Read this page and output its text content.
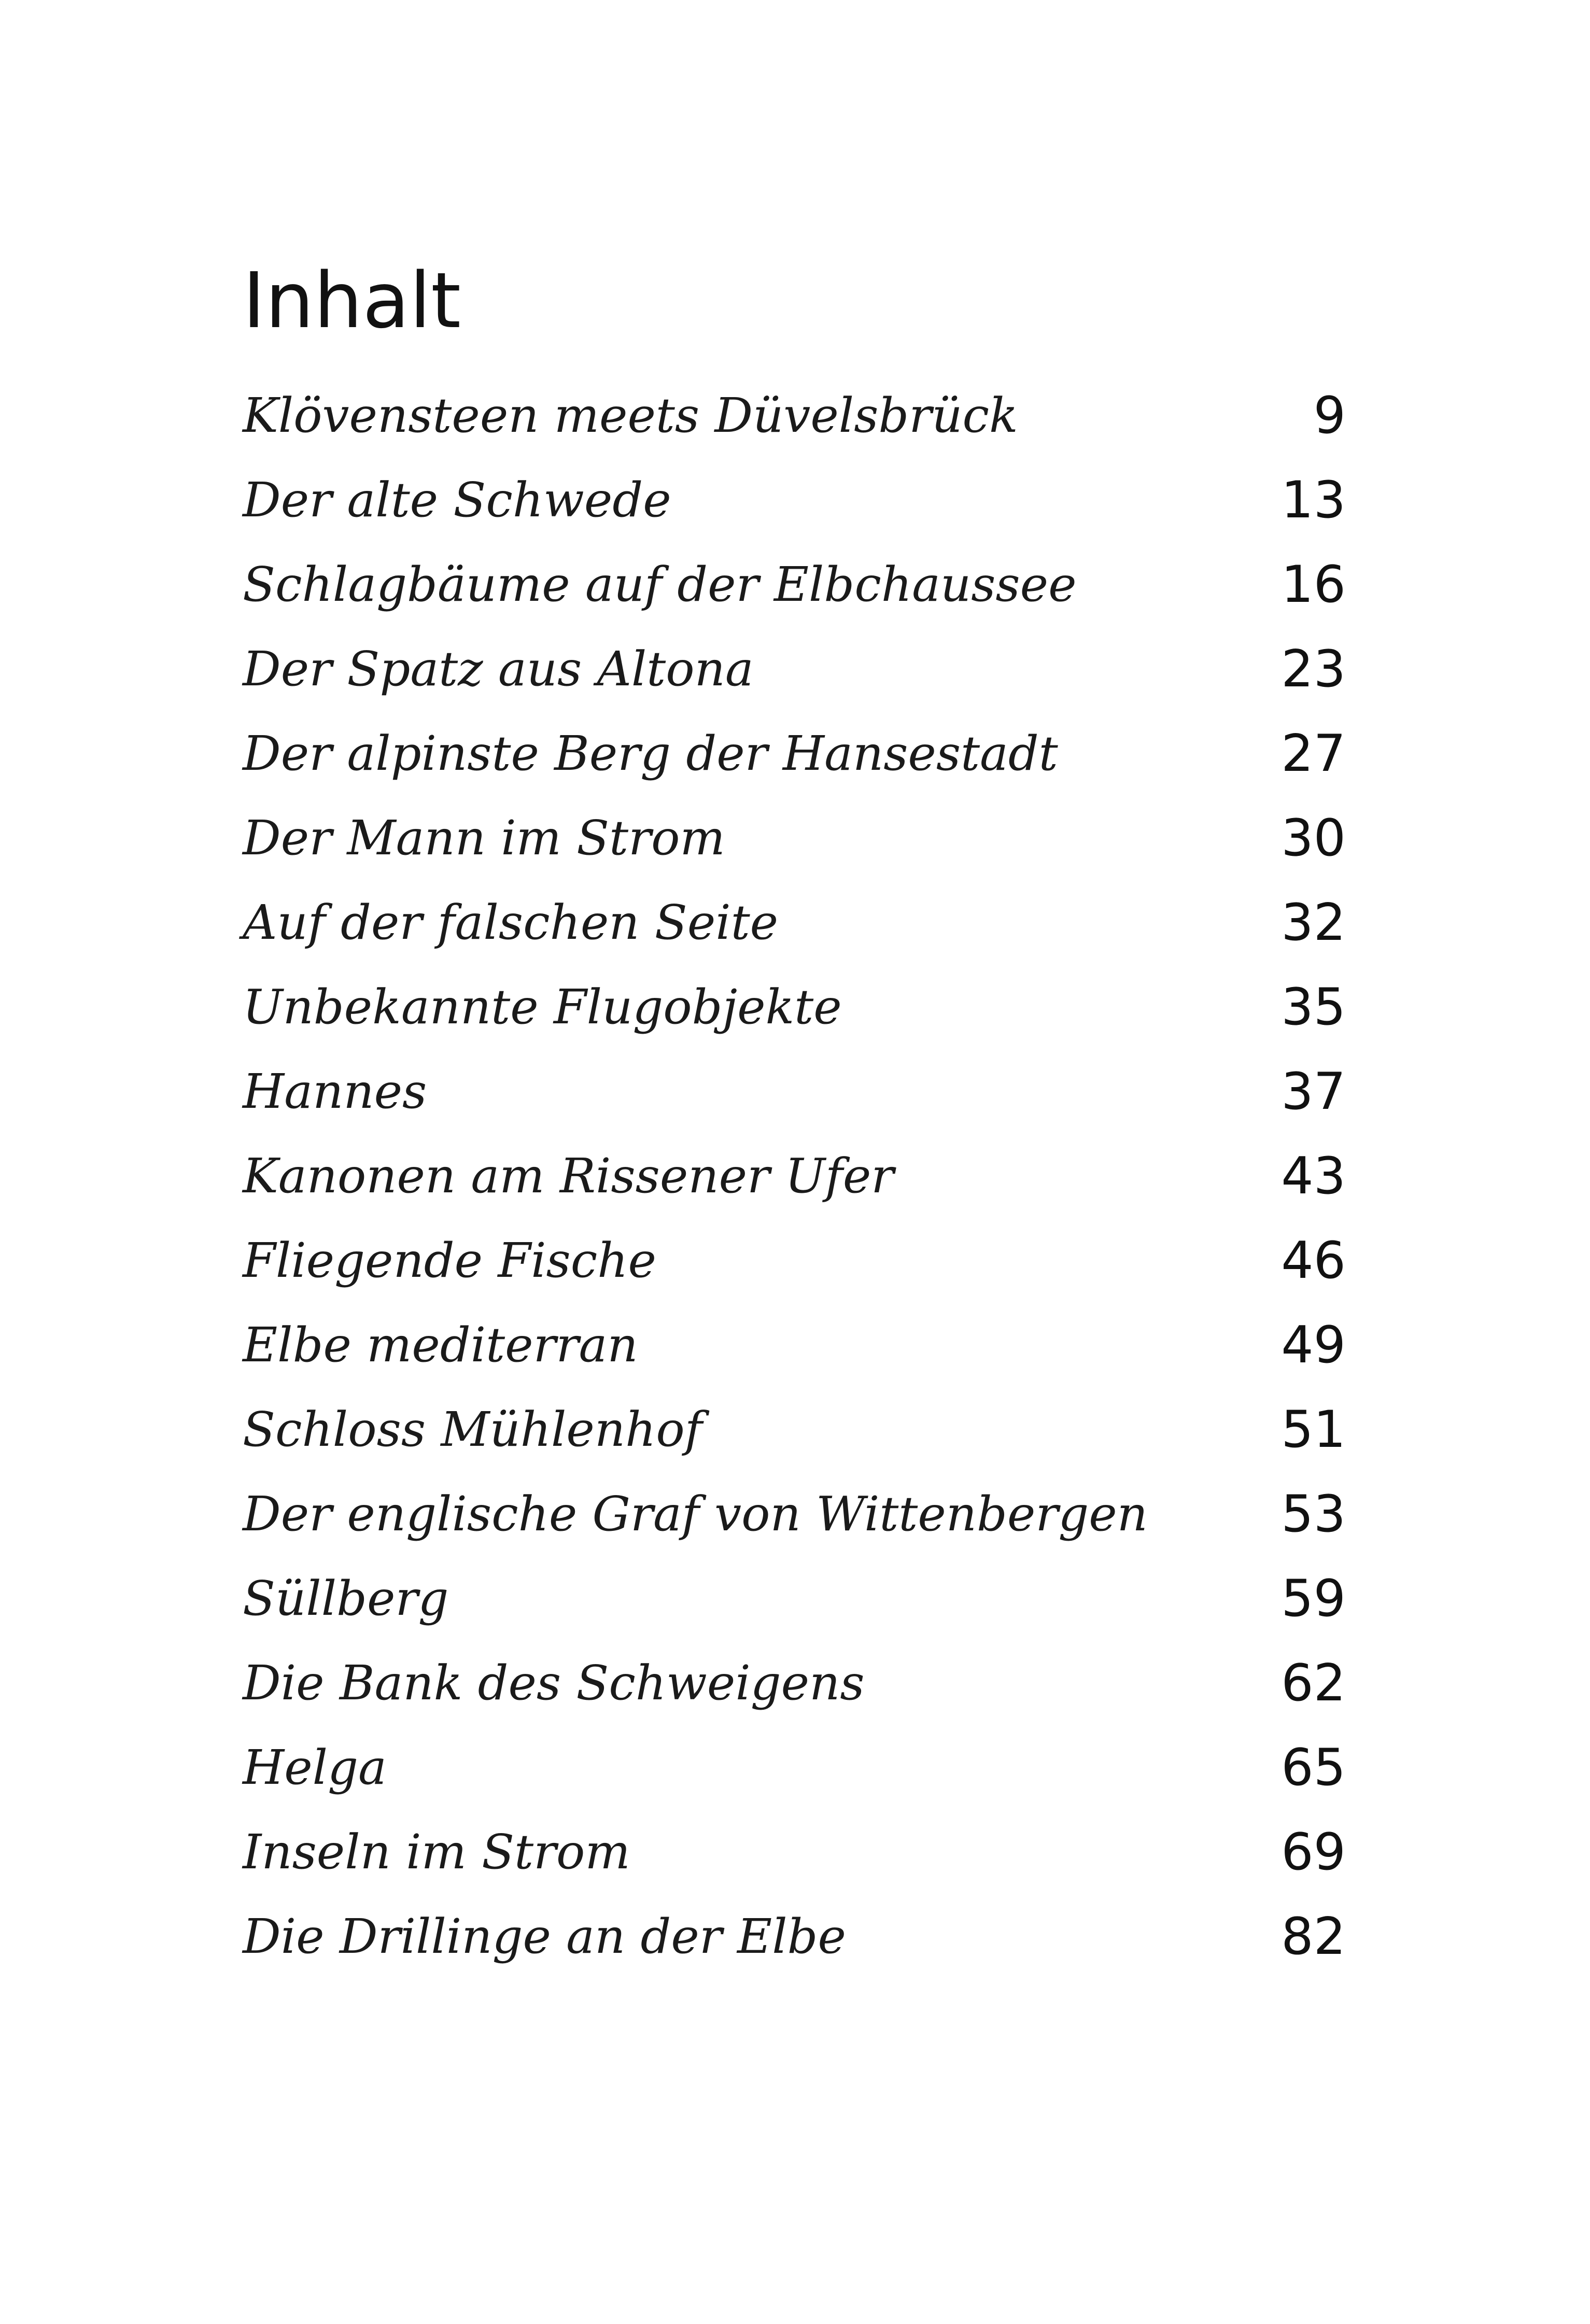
Inhalt
Klövensteen meets Düvelsbrück	9
Der alte Schwede	13
Schlagbäume auf der Elbchaussee	16
Der Spatz aus Altona	23
Der alpinste Berg der Hansestadt	27
Der Mann im Strom	30
Auf der falschen Seite	32
Unbekannte Flugobjekte	35
Hannes	37
Kanonen am Rissener Ufer	43
Fliegende Fische	46
Elbe mediterran	49
Schloss Mühlenhof	51
Der englische Graf von Wittenbergen	53
Süllberg	59
Die Bank des Schweigens	62
Helga	65
Inseln im Strom	69
Die Drillinge an der Elbe	82
